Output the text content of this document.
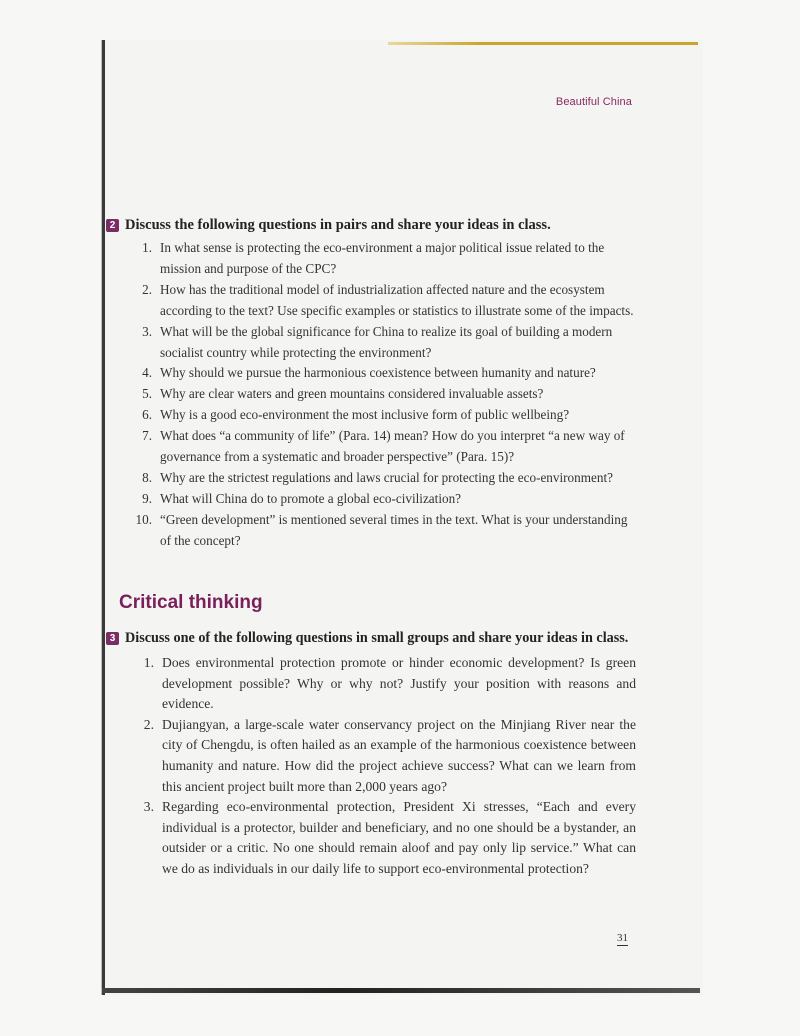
Beautiful China
2 Discuss the following questions in pairs and share your ideas in class.
1. In what sense is protecting the eco-environment a major political issue related to the mission and purpose of the CPC?
2. How has the traditional model of industrialization affected nature and the ecosystem according to the text? Use specific examples or statistics to illustrate some of the impacts.
3. What will be the global significance for China to realize its goal of building a modern socialist country while protecting the environment?
4. Why should we pursue the harmonious coexistence between humanity and nature?
5. Why are clear waters and green mountains considered invaluable assets?
6. Why is a good eco-environment the most inclusive form of public wellbeing?
7. What does “a community of life” (Para. 14) mean? How do you interpret “a new way of governance from a systematic and broader perspective” (Para. 15)?
8. Why are the strictest regulations and laws crucial for protecting the eco-environment?
9. What will China do to promote a global eco-civilization?
10. “Green development” is mentioned several times in the text. What is your understanding of the concept?
Critical thinking
3 Discuss one of the following questions in small groups and share your ideas in class.
1. Does environmental protection promote or hinder economic development? Is green development possible? Why or why not? Justify your position with reasons and evidence.
2. Dujiangyan, a large-scale water conservancy project on the Minjiang River near the city of Chengdu, is often hailed as an example of the harmonious coexistence between humanity and nature. How did the project achieve success? What can we learn from this ancient project built more than 2,000 years ago?
3. Regarding eco-environmental protection, President Xi stresses, “Each and every individual is a protector, builder and beneficiary, and no one should be a bystander, an outsider or a critic. No one should remain aloof and pay only lip service.” What can we do as individuals in our daily life to support eco-environmental protection?
31
